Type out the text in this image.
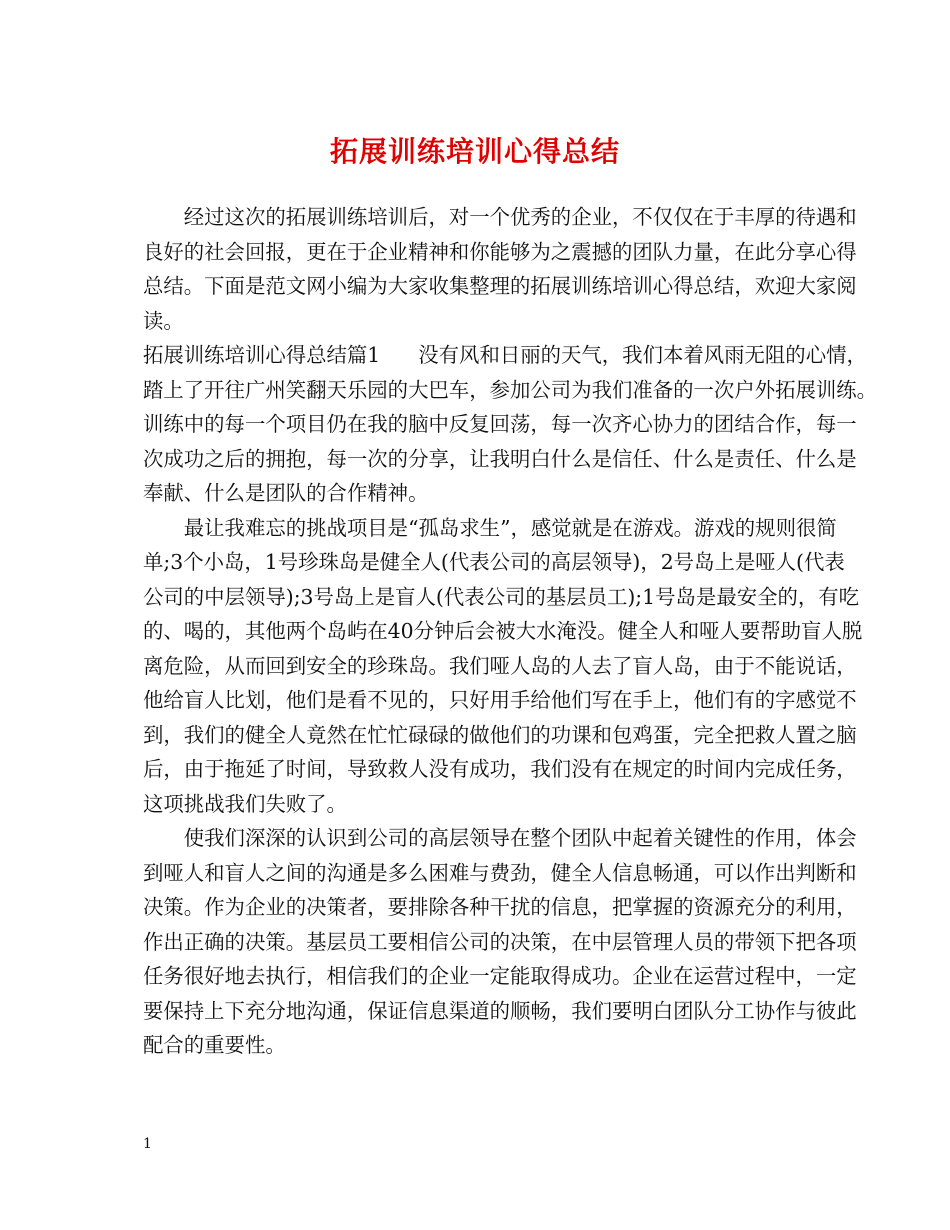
拓展训练培训心得总结
　　经过这次的拓展训练培训后，对一个优秀的企业，不仅仅在于丰厚的待遇和
良好的社会回报，更在于企业精神和你能够为之震撼的团队力量，在此分享心得
总结。下面是范文网小编为大家收集整理的拓展训练培训心得总结，欢迎大家阅
读。
拓展训练培训心得总结篇1 没有风和日丽的天气，我们本着风雨无阻的心情，
踏上了开往广州笑翻天乐园的大巴车，参加公司为我们准备的一次户外拓展训练。
训练中的每一个项目仍在我的脑中反复回荡，每一次齐心协力的团结合作，每一
次成功之后的拥抱，每一次的分享，让我明白什么是信任、什么是责任、什么是
奉献、什么是团队的合作精神。
　　最让我难忘的挑战项目是“孤岛求生”，感觉就是在游戏。游戏的规则很简
单;3个小岛，1号珍珠岛是健全人(代表公司的高层领导)，2号岛上是哑人(代表
公司的中层领导);3号岛上是盲人(代表公司的基层员工);1号岛是最安全的，有吃
的、喝的，其他两个岛屿在40分钟后会被大水淹没。健全人和哑人要帮助盲人脱
离危险，从而回到安全的珍珠岛。我们哑人岛的人去了盲人岛，由于不能说话，
他给盲人比划，他们是看不见的，只好用手给他们写在手上，他们有的字感觉不
到，我们的健全人竟然在忙忙碌碌的做他们的功课和包鸡蛋，完全把救人置之脑
后，由于拖延了时间，导致救人没有成功，我们没有在规定的时间内完成任务，
这项挑战我们失败了。
　　使我们深深的认识到公司的高层领导在整个团队中起着关键性的作用，体会
到哑人和盲人之间的沟通是多么困难与费劲，健全人信息畅通，可以作出判断和
决策。作为企业的决策者，要排除各种干扰的信息，把掌握的资源充分的利用，
作出正确的决策。基层员工要相信公司的决策，在中层管理人员的带领下把各项
任务很好地去执行，相信我们的企业一定能取得成功。企业在运营过程中，一定
要保持上下充分地沟通，保证信息渠道的顺畅，我们要明白团队分工协作与彼此
配合的重要性。
1
